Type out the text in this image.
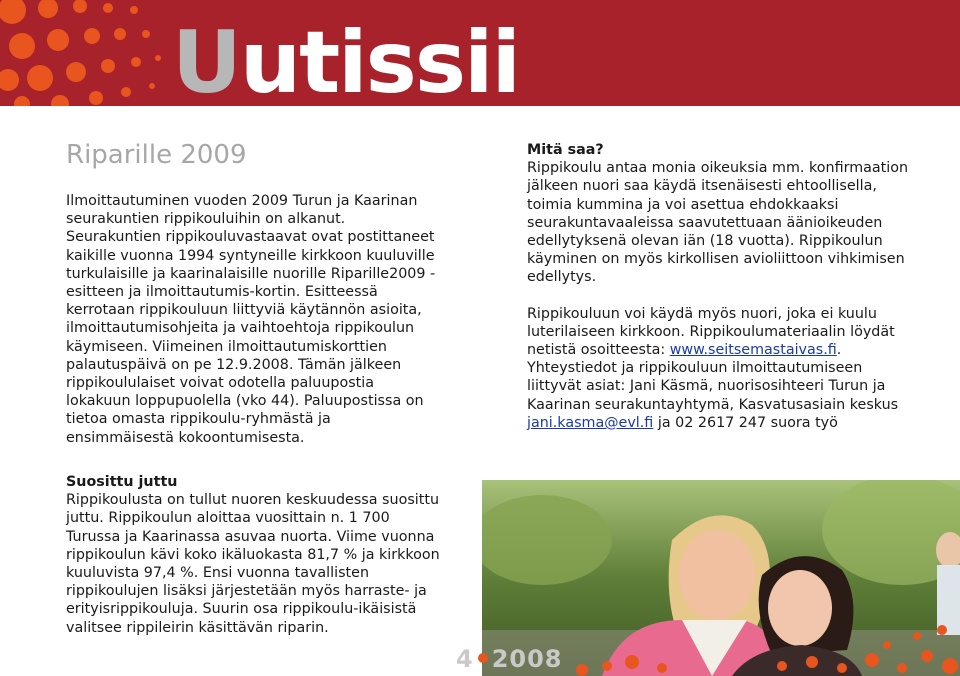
Uutissii
Riparille 2009

Ilmoittautuminen vuoden 2009 Turun ja Kaarinan seurakuntien rippikouluihin on alkanut. Seurakuntien rippikouluvastaavat ovat postittaneet kaikille vuonna 1994 syntyneille kirkkoon kuuluville turkulaisille ja kaarinalaisille nuorille Riparille2009 -esitteen ja ilmoittautumis-kortin. Esitteessä kerrotaan rippikouluun liittyviä käytännön asioita, ilmoittautumisohjeita ja vaihtoehtoja rippikoulun käymiseen. Viimeinen ilmoittautumiskorttien palautuspäivä on pe 12.9.2008. Tämän jälkeen rippikoululaiset voivat odotella paluupostia lokakuun loppupuolella (vko 44). Paluupostissa on tietoa omasta rippikoulu-ryhmästä ja ensimmäisestä kokoontumisesta.

Suosittu juttu

Rippikoulusta on tullut nuoren keskuudessa suosittu juttu. Rippikoulun aloittaa vuosittain n. 1 700 Turussa ja Kaarinassa asuvaa nuorta. Viime vuonna rippikoulun kävi koko ikäluokasta 81,7 % ja kirkkoon kuuluvista 97,4 %. Ensi vuonna tavallisten rippikoulujen lisäksi järjestetään myös harraste- ja erityisrippikouluja. Suurin osa rippikoulu-ikäisistä valitsee rippileirin käsittävän riparin.

Mitä saa?

Rippikoulu antaa monia oikeuksia mm. konfirmaation jälkeen nuori saa käydä itsenäisesti ehtoollisella, toimia kummina ja voi asettua ehdokkaaksi seurakuntavaaleissa saavutettuaan äänioikeuden edellytyksenä olevan iän (18 vuotta). Rippikoulun käyminen on myös kirkollisen avioliittoon vihkimisen edellytys.

Rippikouluun voi käydä myös nuori, joka ei kuulu luterilaiseen kirkkoon. Rippikoulumateriaalin löydät netistä osoitteesta: www.seitsemastaivas.fi.

Yhteystiedot ja rippikouluun ilmoittautumiseen liittyvät asiat: Jani Käsmä, nuorisosihteeri Turun ja Kaarinan seurakuntayhtymä, Kasvatusasiain keskus

jani.kasma@evl.fi ja 02 2617 247 suora työ

4 2008
